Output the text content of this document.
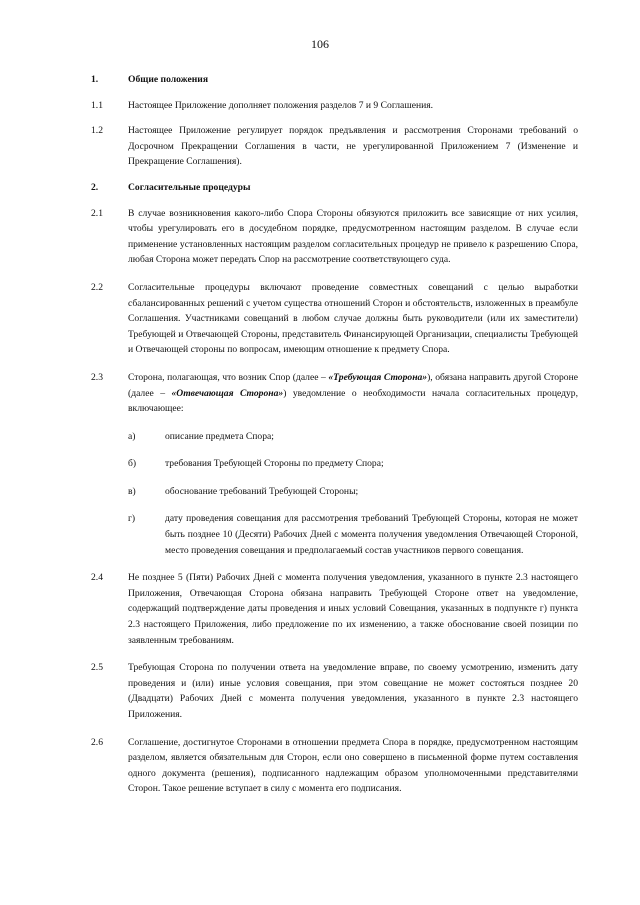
106
1.	Общие положения
1.1	Настоящее Приложение дополняет положения разделов 7 и 9 Соглашения.
1.2	Настоящее Приложение регулирует порядок предъявления и рассмотрения Сторонами требований о Досрочном Прекращении Соглашения в части, не урегулированной Приложением 7 (Изменение и Прекращение Соглашения).
2.	Согласительные процедуры
2.1	В случае возникновения какого-либо Спора Стороны обязуются приложить все зависящие от них усилия, чтобы урегулировать его в досудебном порядке, предусмотренном настоящим разделом. В случае если применение установленных настоящим разделом согласительных процедур не привело к разрешению Спора, любая Сторона может передать Спор на рассмотрение соответствующего суда.
2.2	Согласительные процедуры включают проведение совместных совещаний с целью выработки сбалансированных решений с учетом существа отношений Сторон и обстоятельств, изложенных в преамбуле Соглашения. Участниками совещаний в любом случае должны быть руководители (или их заместители) Требующей и Отвечающей Стороны, представитель Финансирующей Организации, специалисты Требующей и Отвечающей стороны по вопросам, имеющим отношение к предмету Спора.
2.3	Сторона, полагающая, что возник Спор (далее – «Требующая Сторона»), обязана направить другой Стороне (далее – «Отвечающая Сторона») уведомление о необходимости начала согласительных процедур, включающее:
а)	описание предмета Спора;
б)	требования Требующей Стороны по предмету Спора;
в)	обоснование требований Требующей Стороны;
г)	дату проведения совещания для рассмотрения требований Требующей Стороны, которая не может быть позднее 10 (Десяти) Рабочих Дней с момента получения уведомления Отвечающей Стороной, место проведения совещания и предполагаемый состав участников первого совещания.
2.4	Не позднее 5 (Пяти) Рабочих Дней с момента получения уведомления, указанного в пункте 2.3 настоящего Приложения, Отвечающая Сторона обязана направить Требующей Стороне ответ на уведомление, содержащий подтверждение даты проведения и иных условий Совещания, указанных в подпункте г) пункта 2.3 настоящего Приложения, либо предложение по их изменению, а также обоснование своей позиции по заявленным требованиям.
2.5	Требующая Сторона по получении ответа на уведомление вправе, по своему усмотрению, изменить дату проведения и (или) иные условия совещания, при этом совещание не может состояться позднее 20 (Двадцати) Рабочих Дней с момента получения уведомления, указанного в пункте 2.3 настоящего Приложения.
2.6	Соглашение, достигнутое Сторонами в отношении предмета Спора в порядке, предусмотренном настоящим разделом, является обязательным для Сторон, если оно совершено в письменной форме путем составления одного документа (решения), подписанного надлежащим образом уполномоченными представителями Сторон. Такое решение вступает в силу с момента его подписания.
